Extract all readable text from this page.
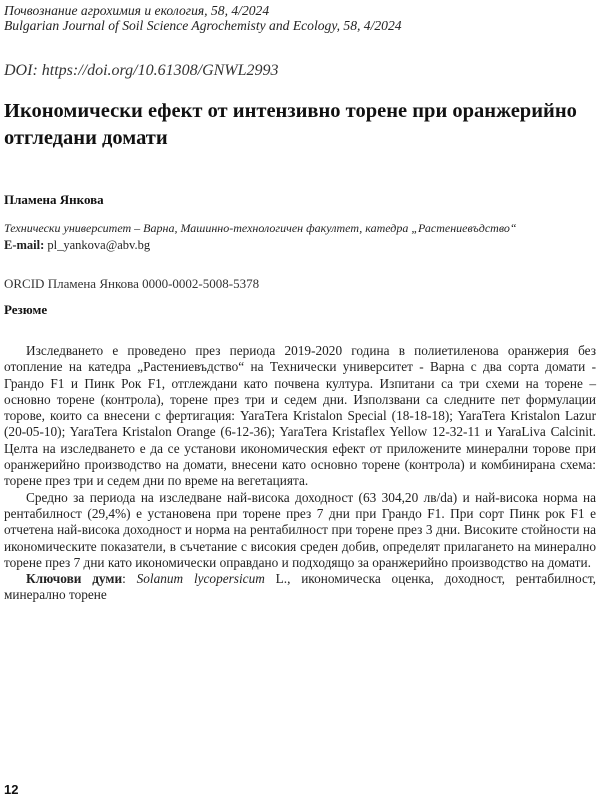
Почвознание агрохимия и екология, 58, 4/2024
Bulgarian Journal of Soil Science Agrochemisty and Ecology, 58, 4/2024
DOI: https://doi.org/10.61308/GNWL2993
Икономически ефект от интензивно торене при оранжерийно отгледани домати
Пламена Янкова
Технически университет – Варна, Машинно-технологичен факултет, катедра „Растениевъдство“
E-mail: pl_yankova@abv.bg
ORCID Пламена Янкова 0000-0002-5008-5378
Резюме

Изследването е проведено през периода 2019-2020 година в полиетиленова оранжерия без отопление на катедра „Растениевъдство“ на Технически университет - Варна с два сорта домати - Грандо F1 и Пинк Рок F1, отглеждани като почвена култура. Изпитани са три схеми на торене – основно торене (контрола), торене през три и седем дни. Използвани са следните пет формулации торове, които са внесени с фертигация: YaraTera Kristalon Special (18-18-18); YaraTera Kristalon Lazur (20-05-10); YaraTera Kristalon Orange (6-12-36); YaraTera Kristaflex Yellow 12-32-11 и YaraLiva Calcinit. Целта на изследването е да се установи икономическия ефект от приложените минерални торове при оранжерийно производство на домати, внесени като основно торене (контрола) и комбинирана схема: торене през три и седем дни по време на вегетацията.

Средно за периода на изследване най-висока доходност (63 304,20 лв/da) и най-висока норма на рентабилност (29,4%) е установена при торене през 7 дни при Грандо F1. При сорт Пинк рок F1 е отчетена най-висока доходност и норма на рентабилност при торене през 3 дни. Високите стойности на икономическите показатели, в съчетание с високия среден добив, определят прилагането на минерално торене през 7 дни като икономически оправдано и подходящо за оранжерийно производство на домати.

Ключови думи: Solanum lycopersicum L., икономическа оценка, доходност, рентабилност, минерално торене

12
